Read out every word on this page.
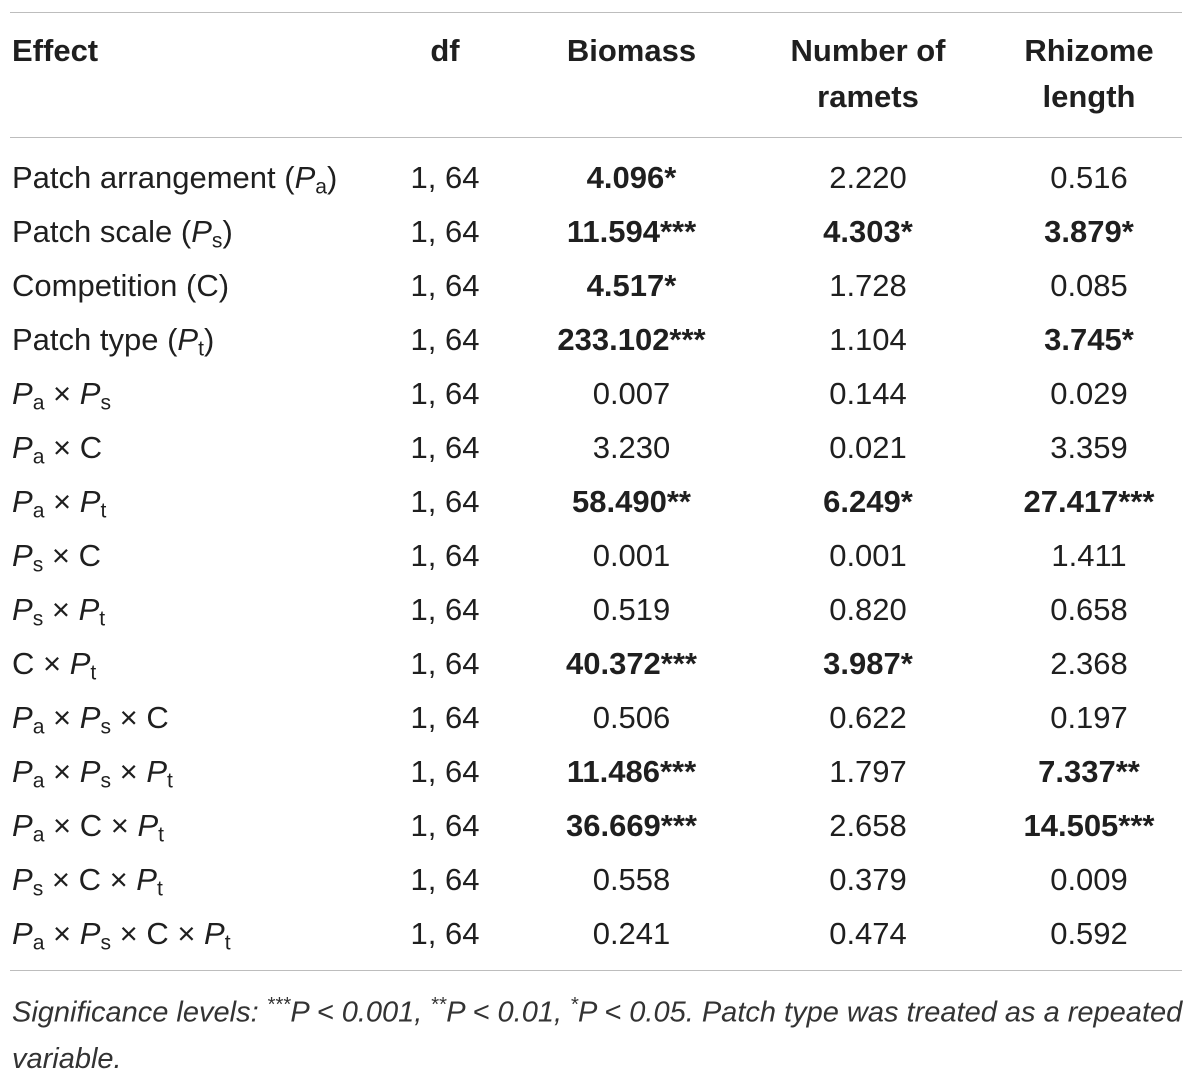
Effect	df	Biomass	Number of ramets	Rhizome length

Patch arrangement $(P_a)$	1, 64	4.096*	2.220	0.516
Patch scale $(P_s)$	1, 64	11.594***	4.303*	3.879*
Competition (C)	1, 64	4.517*	1.728	0.085
Patch type $(P_t)$	1, 64	233.102***	1.104	3.745*
$P_a \times P_s$	1, 64	0.007	0.144	0.029
$P_a \times C$	1, 64	3.230	0.021	3.359
$P_a \times P_t$	1, 64	58.490**	6.249*	27.417***
$P_s \times C$	1, 64	0.001	0.001	1.411
$P_s \times P_t$	1, 64	0.519	0.820	0.658
$C \times P_t$	1, 64	40.372***	3.987*	2.368
$P_a \times P_s \times C$	1, 64	0.506	0.622	0.197
$P_a \times P_s \times P_t$	1, 64	11.486***	1.797	7.337**
$P_a \times C \times P_t$	1, 64	36.669***	2.658	14.505***
$P_s \times C \times P_t$	1, 64	0.558	0.379	0.009
$P_a \times P_s \times C \times P_t$	1, 64	0.241	0.474	0.592

Significance levels: ***P < 0.001, **P < 0.01, *P < 0.05. Patch type was treated as a repeated variable.
